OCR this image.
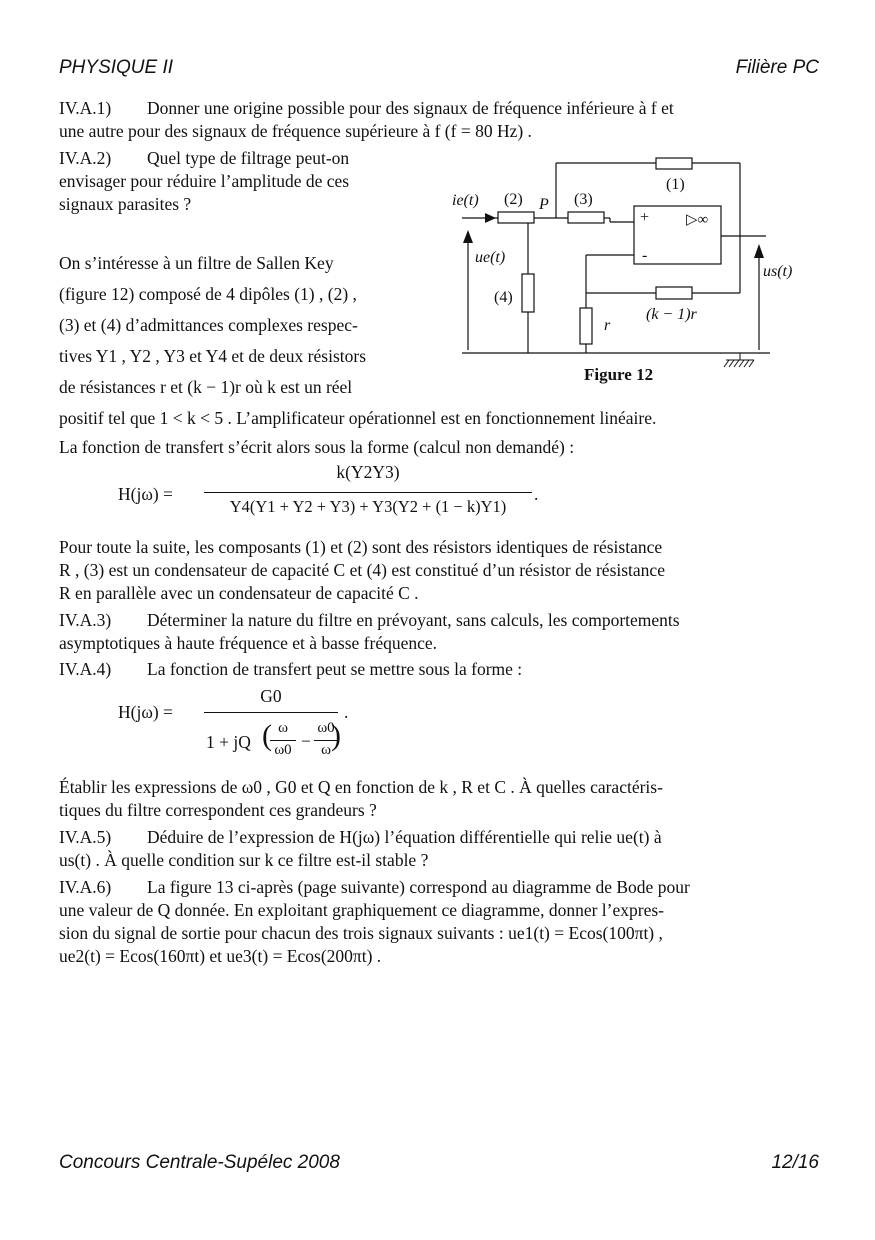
PHYSIQUE II	Filière PC

IV.A.1) Donner une origine possible pour des signaux de fréquence inférieure à f et

une autre pour des signaux de fréquence supérieure à f (f = 80 Hz) .

IV.A.2) Quel type de filtrage peut-on

envisager pour réduire l’amplitude de ces

signaux parasites ?

On s’intéresse à un filtre de Sallen Key

(figure 12) composé de 4 dipôles (1) , (2) ,

(3) et (4) d’admittances complexes respec-

tives Y1 , Y2 , Y3 et Y4 et de deux résistors

de résistances r et (k − 1)r où k est un réel

positif tel que 1 < k < 5 . L’amplificateur opérationnel est en fonctionnement linéaire.

La fonction de transfert s’écrit alors sous la forme (calcul non demandé) :

(1)
(2)	(3)
(4)
P
ie(t)
ue(t)
us(t)
r
(k − 1)r
+
-
▷∞
Figure 12
H(jω) =
k(Y2Y3)
Y4(Y1 + Y2 + Y3) + Y3(Y2 + (1 − k)Y1)
.

Pour toute la suite, les composants (1) et (2) sont des résistors identiques de résistance

R , (3) est un condensateur de capacité C et (4) est constitué d’un résistor de résistance

R en parallèle avec un condensateur de capacité C .

IV.A.3) Déterminer la nature du filtre en prévoyant, sans calculs, les comportements

asymptotiques à haute fréquence et à basse fréquence.

IV.A.4) La fonction de transfert peut se mettre sous la forme :

H(jω) =
G0
1 + jQ ( ω
ω0 −
ω0
ω )
.

Établir les expressions de ω0 , G0 et Q en fonction de k , R et C . À quelles caractéris-

tiques du filtre correspondent ces grandeurs ?

IV.A.5) Déduire de l’expression de H(jω) l’équation différentielle qui relie ue(t) à

us(t) . À quelle condition sur k ce filtre est-il stable ?

IV.A.6) La figure 13 ci-après (page suivante) correspond au diagramme de Bode pour

une valeur de Q donnée. En exploitant graphiquement ce diagramme, donner l’expres-

sion du signal de sortie pour chacun des trois signaux suivants : ue1(t) = Ecos(100πt) ,

ue2(t) = Ecos(160πt) et ue3(t) = Ecos(200πt) .

Concours Centrale-Supélec 2008	12/16
